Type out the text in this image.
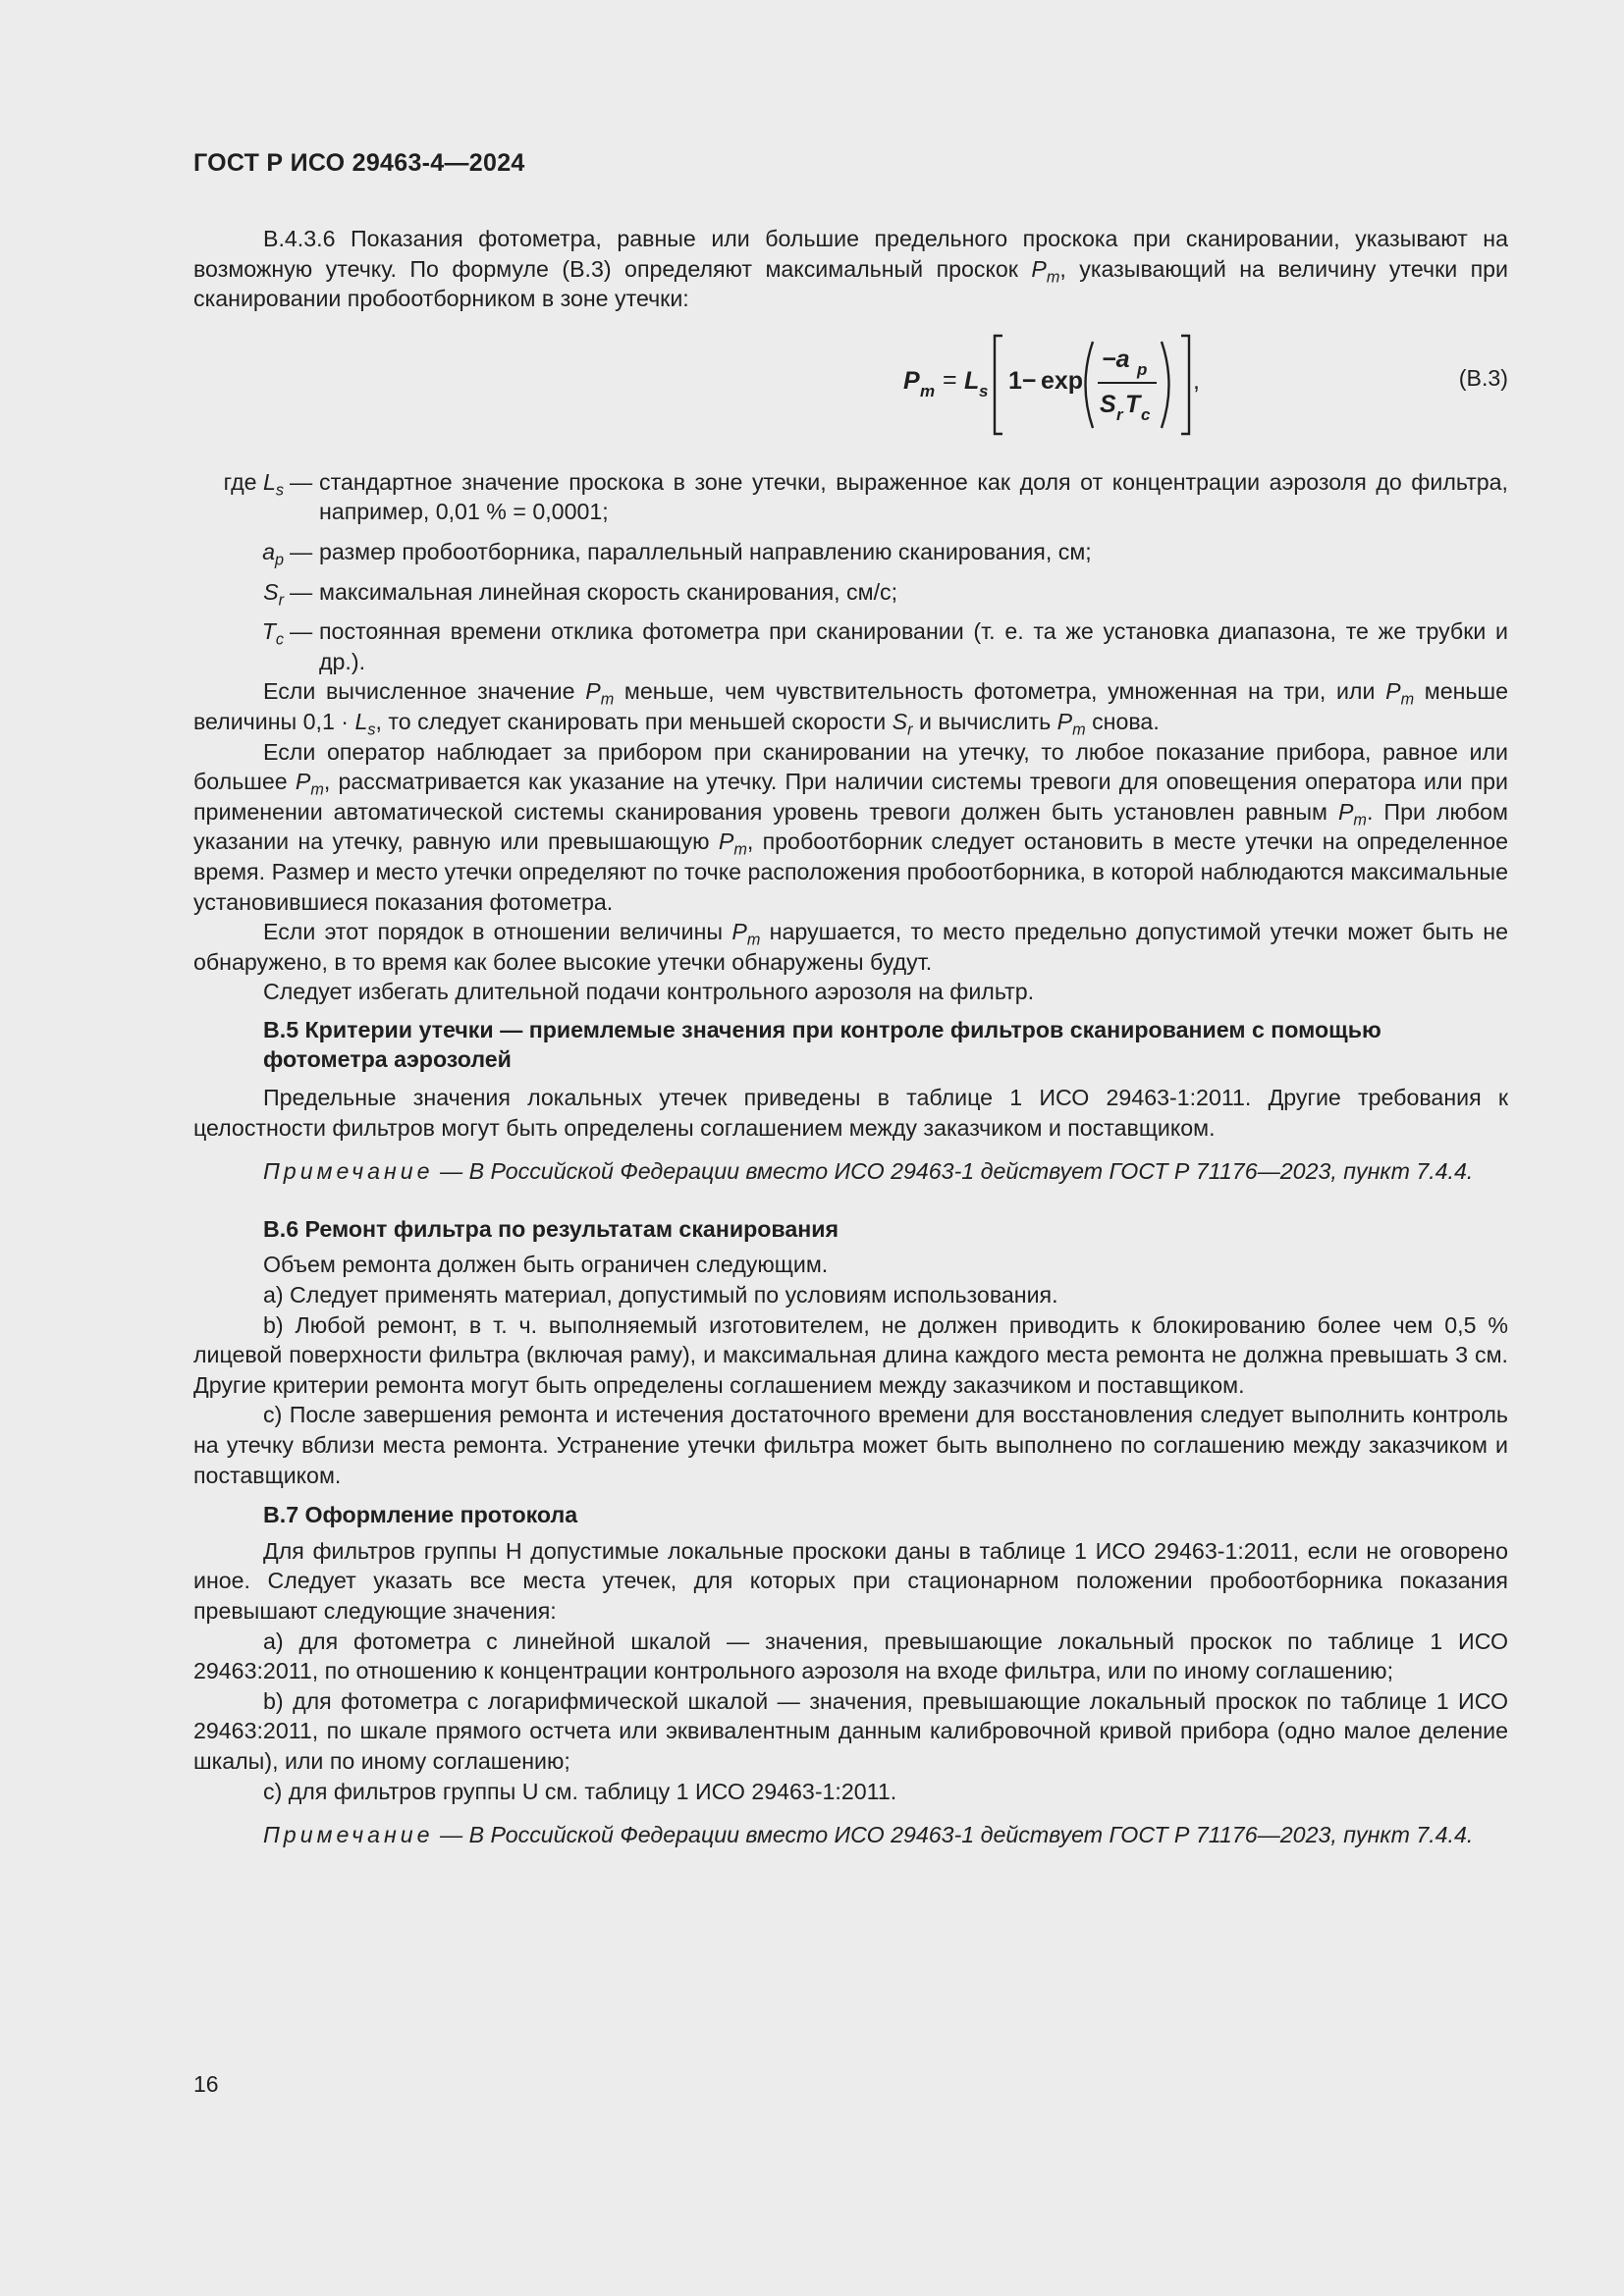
ГОСТ Р ИСО 29463-4—2024

В.4.3.6 Показания фотометра, равные или большие предельного проскока при сканировании, указывают на возможную утечку. По формуле (В.3) определяют максимальный проскок $P_m$, указывающий на величину утечки при сканировании пробоотборником в зоне утечки:

P m = L s 1− exp
−a p
S r T c
,	(В.3)
где $L_s$ — стандартное значение проскока в зоне утечки, выраженное как доля от концентрации аэрозоля до фильтра, например, 0,01 % = 0,0001;
$a_p$ — размер пробоотборника, параллельный направлению сканирования, см;
$S_r$ — максимальная линейная скорость сканирования, см/с;
$T_c$ — постоянная времени отклика фотометра при сканировании (т. е. та же установка диапазона, те же трубки и др.).

Если вычисленное значение $P_m$ меньше, чем чувствительность фотометра, умноженная на три, или $P_m$ меньше величины $0,1 \cdot L_s$, то следует сканировать при меньшей скорости $S_r$ и вычислить $P_m$ снова.

Если оператор наблюдает за прибором при сканировании на утечку, то любое показание прибора, равное или большее $P_m$, рассматривается как указание на утечку. При наличии системы тревоги для оповещения оператора или при применении автоматической системы сканирования уровень тревоги должен быть установлен равным $P_m$. При любом указании на утечку, равную или превышающую $P_m$, пробоотборник следует остановить в месте утечки на определенное время. Размер и место утечки определяют по точке расположения пробоотборника, в которой наблюдаются максимальные установившиеся показания фотометра.

Если этот порядок в отношении величины $P_m$ нарушается, то место предельно допустимой утечки может быть не обнаружено, в то время как более высокие утечки обнаружены будут.

Следует избегать длительной подачи контрольного аэрозоля на фильтр.

В.5 Критерии утечки — приемлемые значения при контроле фильтров сканированием с помощью фотометра аэрозолей

Предельные значения локальных утечек приведены в таблице 1 ИСО 29463-1:2011. Другие требования к целостности фильтров могут быть определены соглашением между заказчиком и поставщиком.

Примечание — В Российской Федерации вместо ИСО 29463-1 действует ГОСТ Р 71176—2023, пункт 7.4.4.

В.6 Ремонт фильтра по результатам сканирования

Объем ремонта должен быть ограничен следующим.

a) Следует применять материал, допустимый по условиям использования.

b) Любой ремонт, в т. ч. выполняемый изготовителем, не должен приводить к блокированию более чем 0,5 % лицевой поверхности фильтра (включая раму), и максимальная длина каждого места ремонта не должна превышать 3 см. Другие критерии ремонта могут быть определены соглашением между заказчиком и поставщиком.

c) После завершения ремонта и истечения достаточного времени для восстановления следует выполнить контроль на утечку вблизи места ремонта. Устранение утечки фильтра может быть выполнено по соглашению между заказчиком и поставщиком.

В.7 Оформление протокола

Для фильтров группы Н допустимые локальные проскоки даны в таблице 1 ИСО 29463-1:2011, если не оговорено иное. Следует указать все места утечек, для которых при стационарном положении пробоотборника показания превышают следующие значения:

a) для фотометра с линейной шкалой — значения, превышающие локальный проскок по таблице 1 ИСО 29463:2011, по отношению к концентрации контрольного аэрозоля на входе фильтра, или по иному соглашению;

b) для фотометра с логарифмической шкалой — значения, превышающие локальный проскок по таблице 1 ИСО 29463:2011, по шкале прямого остчета или эквивалентным данным калибровочной кривой прибора (одно малое деление шкалы), или по иному соглашению;

c) для фильтров группы U см. таблицу 1 ИСО 29463-1:2011.

Примечание — В Российской Федерации вместо ИСО 29463-1 действует ГОСТ Р 71176—2023, пункт 7.4.4.

16
